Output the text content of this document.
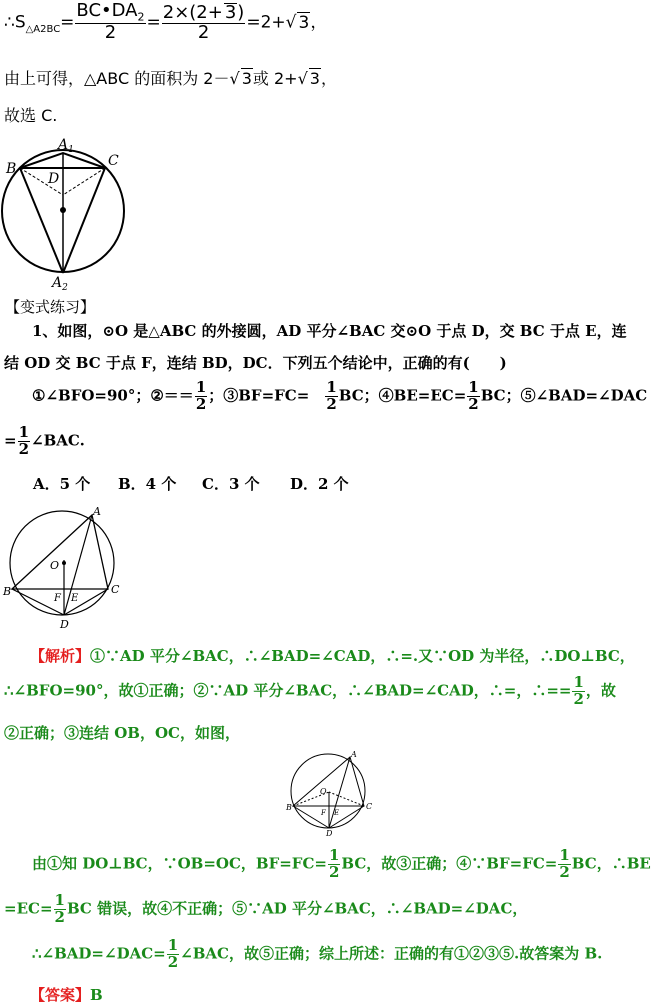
$\therefore S_{\triangle A2BC}= \frac{BC•DA_2}{2} = \frac{2\times(2+ 3)}{2} =2+√$ 3，
由上可得，△ABC 的面积为 2－√ 3或 2+√ 3，
故选 C.
$A_1$
B	C
D
$A_2$
【变式练习】
1、如图，⊙O 是△ABC 的外接圆，AD 平分∠BAC 交⊙O 于点 D，交 BC 于点 E，连
结 OD 交 BC 于点 F，连结 BD，DC．下列五个结论中，正确的有(　　)
①∠BFO=90°；②＝＝ $\frac{1}{2}$ ；③BF=FC=　 $\frac{1}{2}$ BC；④BE=EC= $\frac{1}{2}$ BC；⑤∠BAD=∠DAC
= $\frac{1}{2}$ ∠BAC.
A．5 个 B．4 个 C．3 个 D．2 个
A
B	C
D
O
F E
【解析】①∵AD 平分∠BAC，∴∠BAD=∠CAD，∴=.又∵OD 为半径，∴DO⊥BC，
∴∠BFO=90°，故①正确；②∵AD 平分∠BAC，∴∠BAD=∠CAD，∴=，∴== $\frac{1}{2}$ ，故
②正确；③连结 OB，OC，如图，
A
B	C
D
O
F E
由①知 DO⊥BC，∵OB=OC，$BF=FC= \frac{1}{2}$ BC，故③正确；④∵BF=FC= $\frac{1}{2}$ BC，∴BE
$=EC= \frac{1}{2}$ BC 错误，故④不正确；⑤∵AD 平分∠BAC，∴∠BAD=∠DAC，
∴∠BAD=∠DAC= $\frac{1}{2}$ ∠BAC，故⑤正确；综上所述：正确的有①②③⑤.故答案为 B.
【答案】B
